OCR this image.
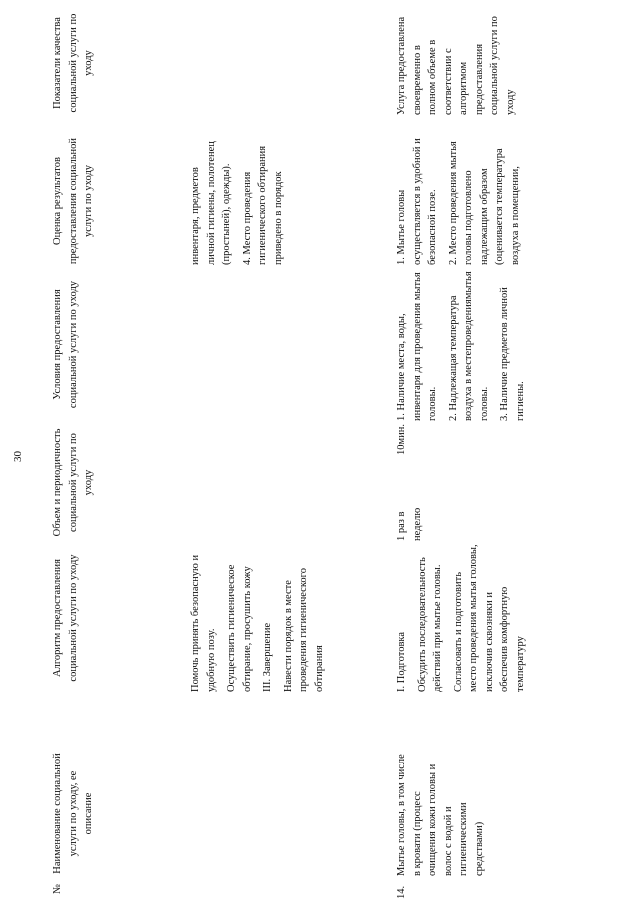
30
№
Наименование социальной услуги по уходу, ее описание
Алгоритм предоставления социальной услуги по уходу
Объем и периодичность социальной услуги по уходу
Условия предоставления социальной услуги по уходу
Оценка результатов предоставления социальной услуги по уходу
Показатели качества социальной услуги по уходу

Помочь принять безопасную и удобную позу. Осуществить гигиеническое обтирание, просушить кожу III. Завершение Навести порядок в месте проведения гигиенического обтирания

инвентаря, предметов личной гигиены, полотенец (простыней), одежды). 4. Место проведения гигиенического обтирания приведено в порядок

14.
Мытье головы, в том числе в кровати (процесс очищения кожи головы и волос с водой и гигиеническими средствами)

I. Подготовка Обсудить последовательность действий при мытье головы. Согласовать и подготовить место проведения мытья головы, исключив сквозняки и обеспечив комфортную температуру

1 раз в неделю
10мин.

1. Наличие места, воды, инвентаря для проведения мытья головы. 2. Надлежащая температура воздуха в местепроведениямытья головы. 3. Наличие предметов личной гигиены.

1. Мытье головы осуществляется в удобной и безопасной позе. 2. Место проведения мытья головы подготовлено надлежащим образом (оценивается температура воздуха в помещении,

Услуга предоставлена своевременно в полном объеме в соответствии с алгоритмом предоставления социальной услуги по уходу
